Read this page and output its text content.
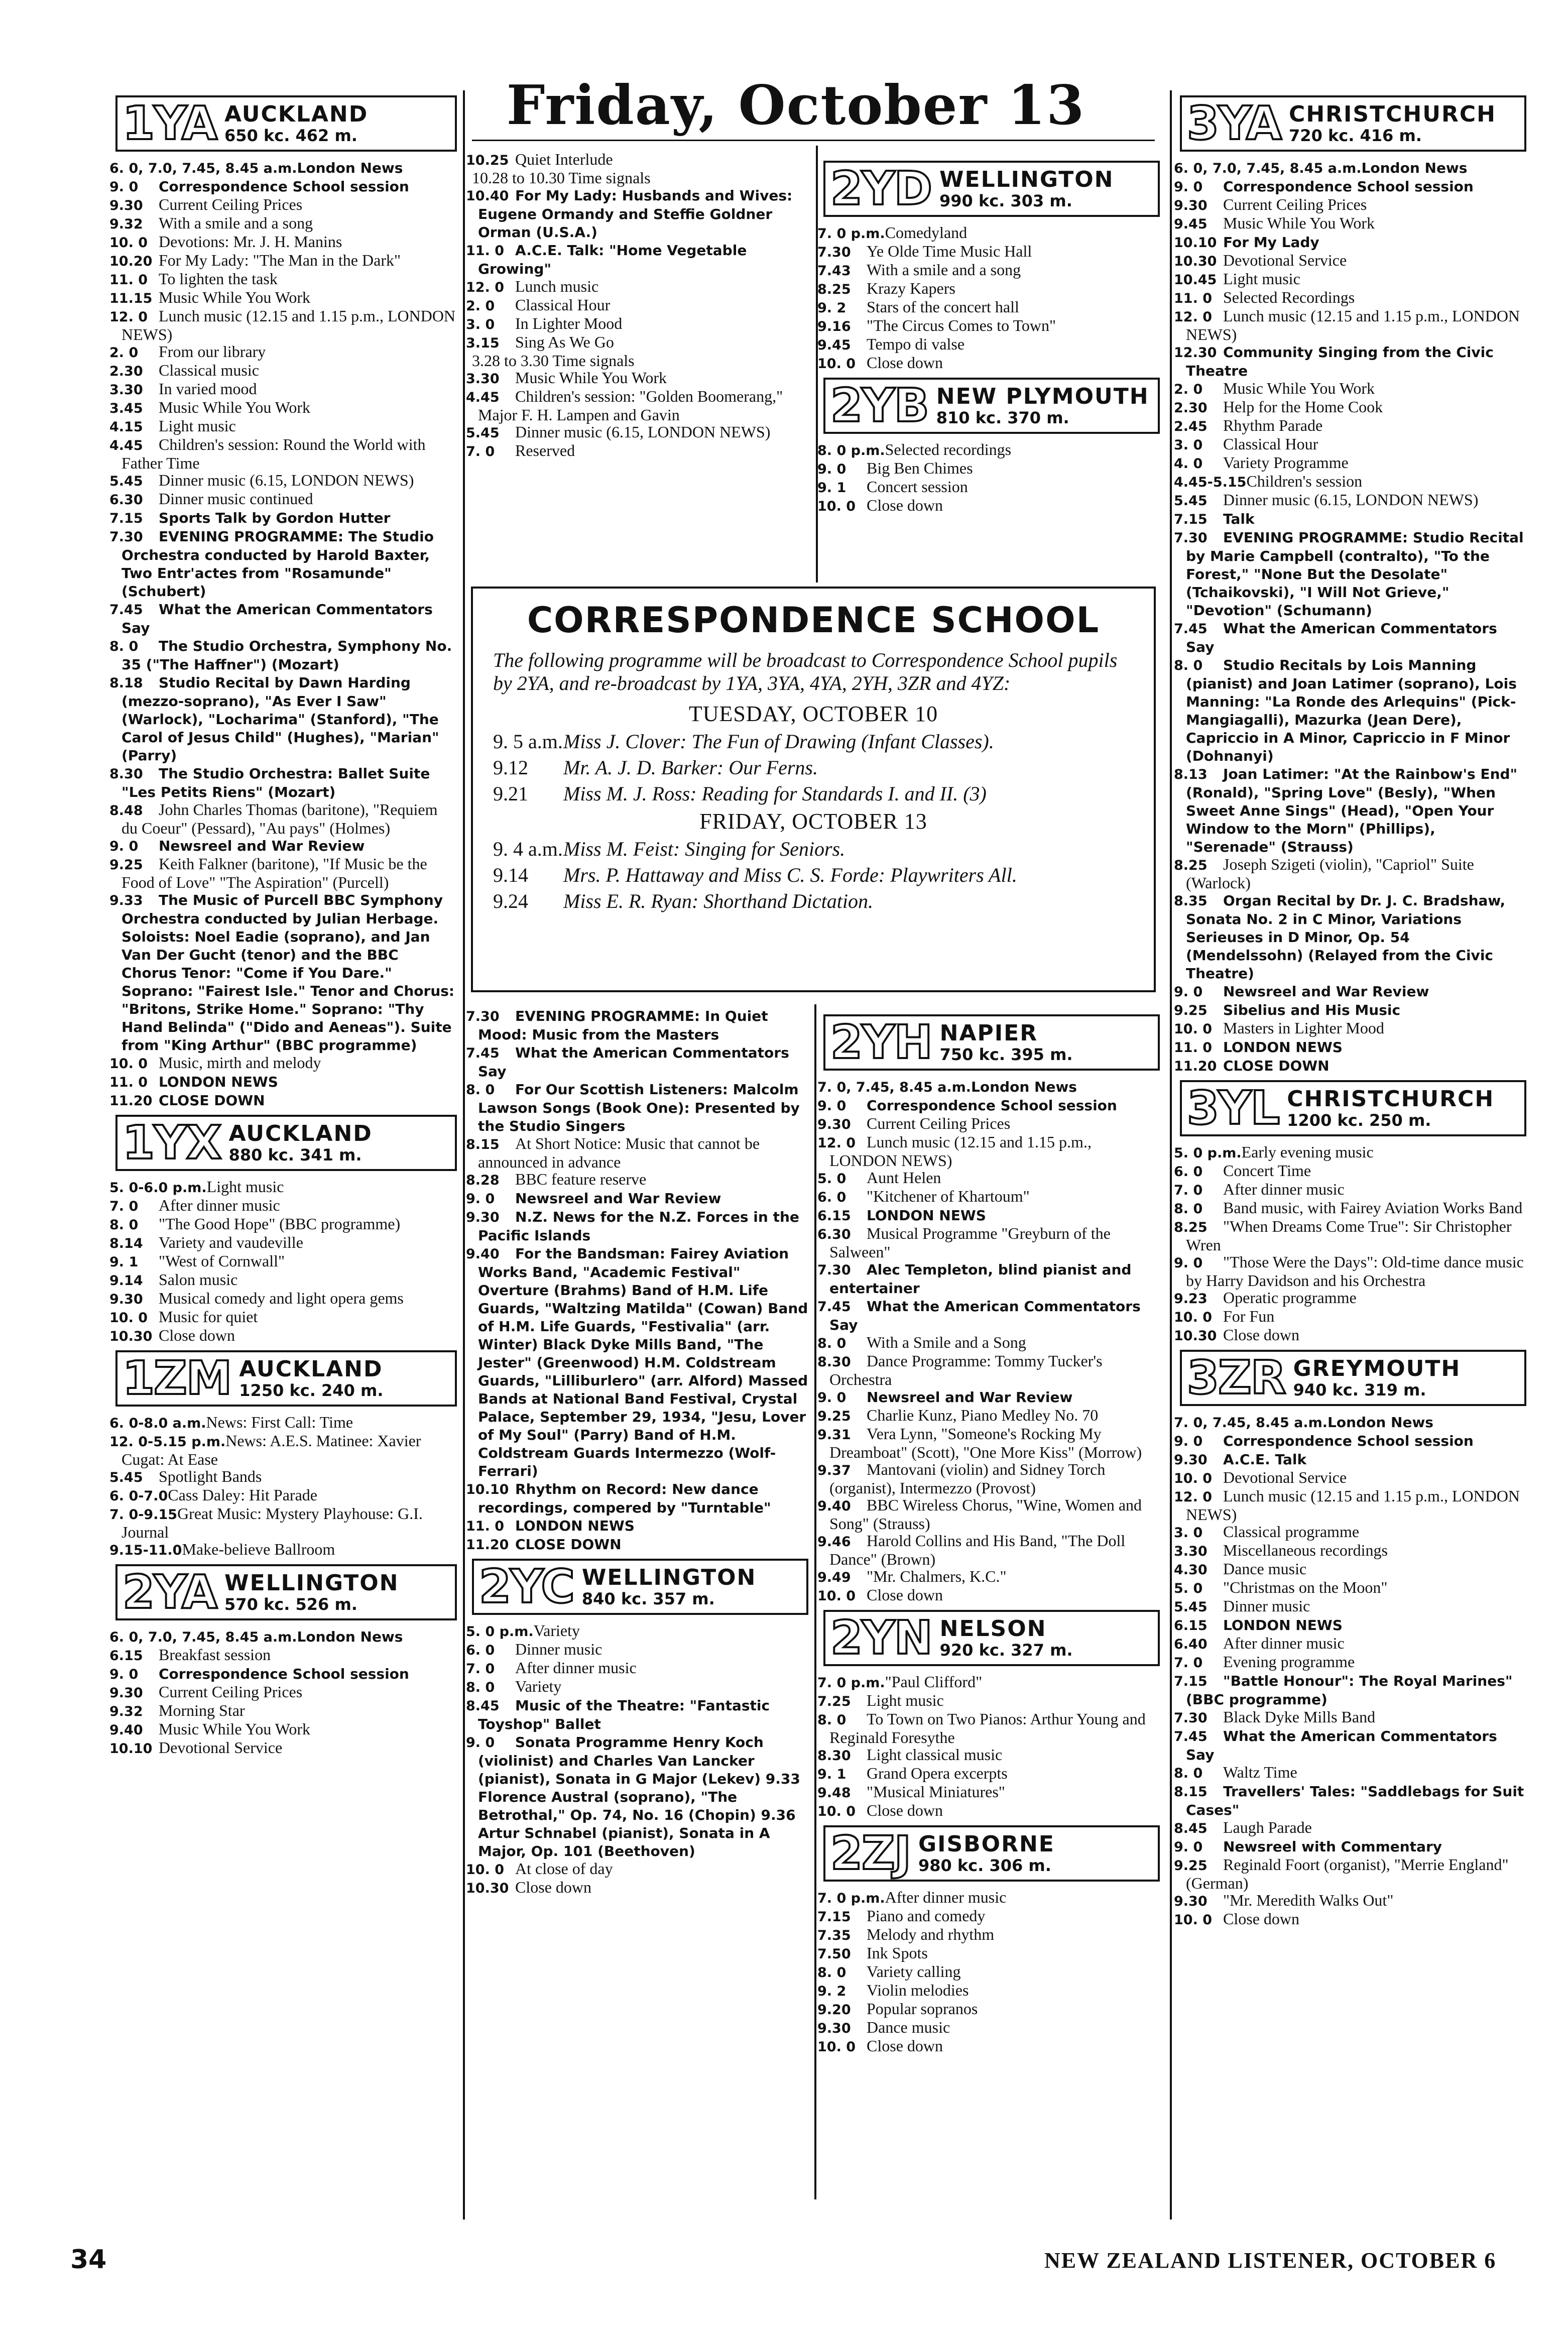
Friday, October 13
1YA AUCKLAND
650 kc. 462 m.

6. 0, 7.0, 7.45, 8.45 a.m.London News

9. 0Correspondence School session

9.30Current Ceiling Prices

9.32With a smile and a song

10. 0Devotions: Mr. J. H. Manins

10.20For My Lady: "The Man in the Dark"

11. 0To lighten the task

11.15Music While You Work

12. 0Lunch music (12.15 and 1.15 p.m., LONDON NEWS)

2. 0From our library

2.30Classical music

3.30In varied mood

3.45Music While You Work

4.15Light music

4.45Children's session: Round the World with Father Time

5.45Dinner music (6.15, LONDON NEWS)

6.30Dinner music continued

7.15Sports Talk by Gordon Hutter

7.30EVENING PROGRAMME: The Studio Orchestra conducted by Harold Baxter, Two Entr'actes from "Rosamunde" (Schubert)

7.45What the American Commentators Say

8. 0The Studio Orchestra, Symphony No. 35 ("The Haffner") (Mozart)

8.18Studio Recital by Dawn Harding (mezzo-soprano), "As Ever I Saw" (Warlock), "Locharima" (Stanford), "The Carol of Jesus Child" (Hughes), "Marian" (Parry)

8.30The Studio Orchestra: Ballet Suite "Les Petits Riens" (Mozart)

8.48John Charles Thomas (baritone), "Requiem du Coeur" (Pessard), "Au pays" (Holmes)

9. 0Newsreel and War Review

9.25Keith Falkner (baritone), "If Music be the Food of Love" "The Aspiration" (Purcell)

9.33The Music of Purcell BBC Symphony Orchestra conducted by Julian Herbage. Soloists: Noel Eadie (soprano), and Jan Van Der Gucht (tenor) and the BBC Chorus Tenor: "Come if You Dare." Soprano: "Fairest Isle." Tenor and Chorus: "Britons, Strike Home." Soprano: "Thy Hand Belinda" ("Dido and Aeneas"). Suite from "King Arthur" (BBC programme)

10. 0Music, mirth and melody

11. 0LONDON NEWS

11.20CLOSE DOWN

1YX AUCKLAND
880 kc. 341 m.

5. 0-6.0 p.m.Light music

7. 0After dinner music

8. 0"The Good Hope" (BBC programme)

8.14Variety and vaudeville

9. 1"West of Cornwall"

9.14Salon music

9.30Musical comedy and light opera gems

10. 0Music for quiet

10.30Close down

1ZM AUCKLAND
1250 kc. 240 m.

6. 0-8.0 a.m.News: First Call: Time

12. 0-5.15 p.m.News: A.E.S. Matinee: Xavier Cugat: At Ease

5.45Spotlight Bands

6. 0-7.0Cass Daley: Hit Parade

7. 0-9.15Great Music: Mystery Playhouse: G.I. Journal

9.15-11.0Make-believe Ballroom

2YA WELLINGTON
570 kc. 526 m.

6. 0, 7.0, 7.45, 8.45 a.m.London News

6.15Breakfast session

9. 0Correspondence School session

9.30Current Ceiling Prices

9.32Morning Star

9.40Music While You Work

10.10Devotional Service

10.25Quiet Interlude

10.28 to 10.30 Time signals

10.40For My Lady: Husbands and Wives: Eugene Ormandy and Steffie Goldner Orman (U.S.A.)

11. 0A.C.E. Talk: "Home Vegetable Growing"

12. 0Lunch music

2. 0Classical Hour

3. 0In Lighter Mood

3.15Sing As We Go

3.28 to 3.30 Time signals

3.30Music While You Work

4.45Children's session: "Golden Boomerang," Major F. H. Lampen and Gavin

5.45Dinner music (6.15, LONDON NEWS)

7. 0Reserved

2YD WELLINGTON
990 kc. 303 m.

7. 0 p.m.Comedyland

7.30Ye Olde Time Music Hall

7.43With a smile and a song

8.25Krazy Kapers

9. 2Stars of the concert hall

9.16"The Circus Comes to Town"

9.45Tempo di valse

10. 0Close down

2YB NEW PLYMOUTH
810 kc. 370 m.

8. 0 p.m.Selected recordings

9. 0Big Ben Chimes

9. 1Concert session

10. 0Close down

CORRESPONDENCE SCHOOL

The following programme will be broadcast to Correspondence School pupils by 2YA, and re-broadcast by 1YA, 3YA, 4YA, 2YH, 3ZR and 4YZ:

TUESDAY, OCTOBER 10

9. 5 a.m.Miss J. Clover: The Fun of Drawing (Infant Classes).

9.12 Mr. A. J. D. Barker: Our Ferns.

9.21 Miss M. J. Ross: Reading for Standards I. and II. (3)

FRIDAY, OCTOBER 13

9. 4 a.m.Miss M. Feist: Singing for Seniors.

9.14 Mrs. P. Hattaway and Miss C. S. Forde: Playwriters All.

9.24 Miss E. R. Ryan: Shorthand Dictation.

7.30EVENING PROGRAMME: In Quiet Mood: Music from the Masters

7.45What the American Commentators Say

8. 0For Our Scottish Listeners: Malcolm Lawson Songs (Book One): Presented by the Studio Singers

8.15At Short Notice: Music that cannot be announced in advance

8.28BBC feature reserve

9. 0Newsreel and War Review

9.30N.Z. News for the N.Z. Forces in the Pacific Islands

9.40For the Bandsman: Fairey Aviation Works Band, "Academic Festival" Overture (Brahms) Band of H.M. Life Guards, "Waltzing Matilda" (Cowan) Band of H.M. Life Guards, "Festivalia" (arr. Winter) Black Dyke Mills Band, "The Jester" (Greenwood) H.M. Coldstream Guards, "Lilliburlero" (arr. Alford) Massed Bands at National Band Festival, Crystal Palace, September 29, 1934, "Jesu, Lover of My Soul" (Parry) Band of H.M. Coldstream Guards Intermezzo (Wolf-Ferrari)

10.10Rhythm on Record: New dance recordings, compered by "Turntable"

11. 0LONDON NEWS

11.20CLOSE DOWN

2YC WELLINGTON
840 kc. 357 m.

5. 0 p.m.Variety

6. 0Dinner music

7. 0After dinner music

8. 0Variety

8.45Music of the Theatre: "Fantastic Toyshop" Ballet

9. 0Sonata Programme Henry Koch (violinist) and Charles Van Lancker (pianist), Sonata in G Major (Lekev) 9.33 Florence Austral (soprano), "The Betrothal," Op. 74, No. 16 (Chopin) 9.36 Artur Schnabel (pianist), Sonata in A Major, Op. 101 (Beethoven)

10. 0At close of day

10.30Close down

2YH NAPIER
750 kc. 395 m.

7. 0, 7.45, 8.45 a.m.London News

9. 0Correspondence School session

9.30Current Ceiling Prices

12. 0Lunch music (12.15 and 1.15 p.m., LONDON NEWS)

5. 0Aunt Helen

6. 0"Kitchener of Khartoum"

6.15LONDON NEWS

6.30Musical Programme "Greyburn of the Salween"

7.30Alec Templeton, blind pianist and entertainer

7.45What the American Commentators Say

8. 0With a Smile and a Song

8.30Dance Programme: Tommy Tucker's Orchestra

9. 0Newsreel and War Review

9.25Charlie Kunz, Piano Medley No. 70

9.31Vera Lynn, "Someone's Rocking My Dreamboat" (Scott), "One More Kiss" (Morrow)

9.37Mantovani (violin) and Sidney Torch (organist), Intermezzo (Provost)

9.40BBC Wireless Chorus, "Wine, Women and Song" (Strauss)

9.46Harold Collins and His Band, "The Doll Dance" (Brown)

9.49"Mr. Chalmers, K.C."

10. 0Close down

2YN NELSON
920 kc. 327 m.

7. 0 p.m."Paul Clifford"

7.25Light music

8. 0To Town on Two Pianos: Arthur Young and Reginald Foresythe

8.30Light classical music

9. 1Grand Opera excerpts

9.48"Musical Miniatures"

10. 0Close down

2ZJ GISBORNE
980 kc. 306 m.

7. 0 p.m.After dinner music

7.15Piano and comedy

7.35Melody and rhythm

7.50Ink Spots

8. 0Variety calling

9. 2Violin melodies

9.20Popular sopranos

9.30Dance music

10. 0Close down

3YA CHRISTCHURCH
720 kc. 416 m.

6. 0, 7.0, 7.45, 8.45 a.m.London News

9. 0Correspondence School session

9.30Current Ceiling Prices

9.45Music While You Work

10.10For My Lady

10.30Devotional Service

10.45Light music

11. 0Selected Recordings

12. 0Lunch music (12.15 and 1.15 p.m., LONDON NEWS)

12.30Community Singing from the Civic Theatre

2. 0Music While You Work

2.30Help for the Home Cook

2.45Rhythm Parade

3. 0Classical Hour

4. 0Variety Programme

4.45-5.15Children's session

5.45Dinner music (6.15, LONDON NEWS)

7.15Talk

7.30EVENING PROGRAMME: Studio Recital by Marie Campbell (contralto), "To the Forest," "None But the Desolate" (Tchaikovski), "I Will Not Grieve," "Devotion" (Schumann)

7.45What the American Commentators Say

8. 0Studio Recitals by Lois Manning (pianist) and Joan Latimer (soprano), Lois Manning: "La Ronde des Arlequins" (Pick-Mangiagalli), Mazurka (Jean Dere), Capriccio in A Minor, Capriccio in F Minor (Dohnanyi)

8.13Joan Latimer: "At the Rainbow's End" (Ronald), "Spring Love" (Besly), "When Sweet Anne Sings" (Head), "Open Your Window to the Morn" (Phillips), "Serenade" (Strauss)

8.25Joseph Szigeti (violin), "Capriol" Suite (Warlock)

8.35Organ Recital by Dr. J. C. Bradshaw, Sonata No. 2 in C Minor, Variations Serieuses in D Minor, Op. 54 (Mendelssohn) (Relayed from the Civic Theatre)

9. 0Newsreel and War Review

9.25Sibelius and His Music

10. 0Masters in Lighter Mood

11. 0LONDON NEWS

11.20CLOSE DOWN

3YL CHRISTCHURCH
1200 kc. 250 m.

5. 0 p.m.Early evening music

6. 0Concert Time

7. 0After dinner music

8. 0Band music, with Fairey Aviation Works Band

8.25"When Dreams Come True": Sir Christopher Wren

9. 0"Those Were the Days": Old-time dance music by Harry Davidson and his Orchestra

9.23Operatic programme

10. 0For Fun

10.30Close down

3ZR GREYMOUTH
940 kc. 319 m.

7. 0, 7.45, 8.45 a.m.London News

9. 0Correspondence School session

9.30A.C.E. Talk

10. 0Devotional Service

12. 0Lunch music (12.15 and 1.15 p.m., LONDON NEWS)

3. 0Classical programme

3.30Miscellaneous recordings

4.30Dance music

5. 0"Christmas on the Moon"

5.45Dinner music

6.15LONDON NEWS

6.40After dinner music

7. 0Evening programme

7.15"Battle Honour": The Royal Marines" (BBC programme)

7.30Black Dyke Mills Band

7.45What the American Commentators Say

8. 0Waltz Time

8.15Travellers' Tales: "Saddlebags for Suit Cases"

8.45Laugh Parade

9. 0Newsreel with Commentary

9.25Reginald Foort (organist), "Merrie England" (German)

9.30"Mr. Meredith Walks Out"

10. 0Close down

34	NEW ZEALAND LISTENER, OCTOBER 6
